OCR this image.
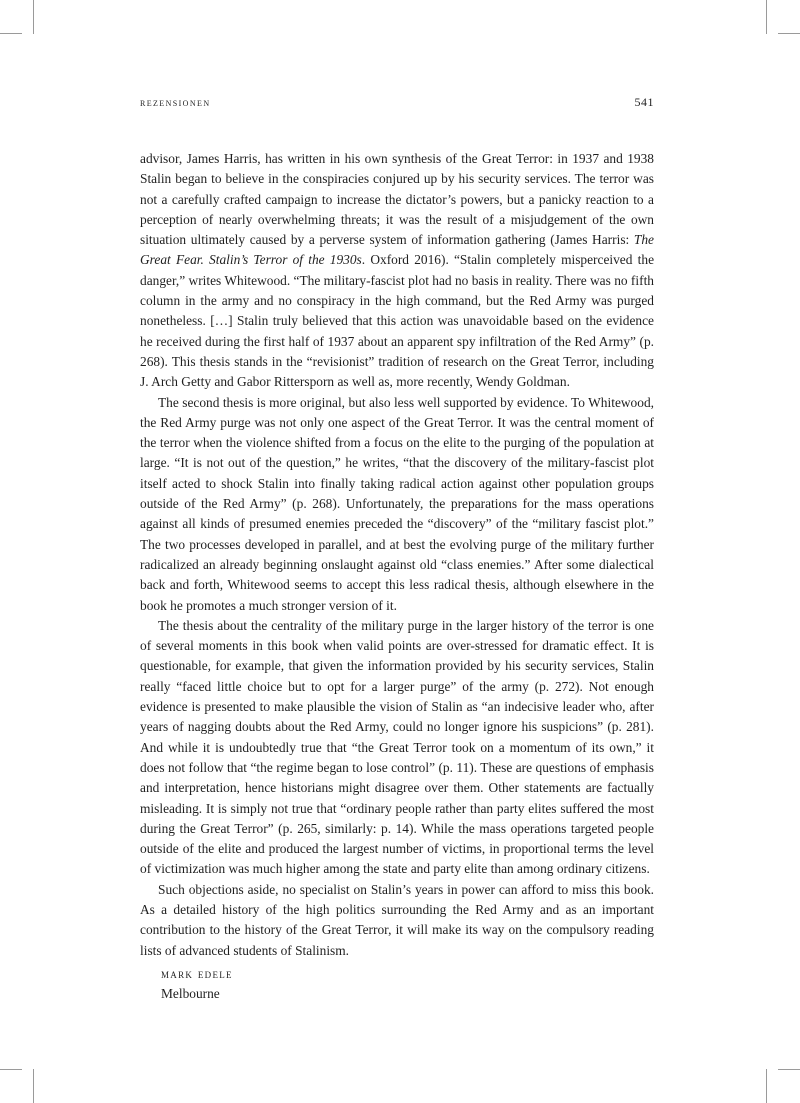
rezensionen	541

advisor, James Harris, has written in his own synthesis of the Great Terror: in 1937 and 1938 Stalin began to believe in the conspiracies conjured up by his security services. The terror was not a carefully crafted campaign to increase the dictator’s powers, but a panicky reaction to a perception of nearly overwhelming threats; it was the result of a misjudgement of the own situation ultimately caused by a perverse system of information gathering (James Harris: The Great Fear. Stalin’s Terror of the 1930s. Oxford 2016). “Stalin completely misperceived the danger,” writes Whitewood. “The military-fascist plot had no basis in reality. There was no fifth column in the army and no conspiracy in the high command, but the Red Army was purged nonetheless. […] Stalin truly believed that this action was unavoidable based on the evidence he received during the first half of 1937 about an apparent spy infiltration of the Red Army” (p. 268). This thesis stands in the “revisionist” tradition of research on the Great Terror, including J. Arch Getty and Gabor Rittersporn as well as, more recently, Wendy Goldman.

The second thesis is more original, but also less well supported by evidence. To Whitewood, the Red Army purge was not only one aspect of the Great Terror. It was the central moment of the terror when the violence shifted from a focus on the elite to the purging of the population at large. “It is not out of the question,” he writes, “that the discovery of the military-fascist plot itself acted to shock Stalin into finally taking radical action against other population groups outside of the Red Army” (p. 268). Unfortunately, the preparations for the mass operations against all kinds of presumed enemies preceded the “discovery” of the “military fascist plot.” The two processes developed in parallel, and at best the evolving purge of the military further radicalized an already beginning onslaught against old “class enemies.” After some dialectical back and forth, Whitewood seems to accept this less radical thesis, although elsewhere in the book he promotes a much stronger version of it.

The thesis about the centrality of the military purge in the larger history of the terror is one of several moments in this book when valid points are over-stressed for dramatic effect. It is questionable, for example, that given the information provided by his security services, Stalin really “faced little choice but to opt for a larger purge” of the army (p. 272). Not enough evidence is presented to make plausible the vision of Stalin as “an indecisive leader who, after years of nagging doubts about the Red Army, could no longer ignore his suspicions” (p. 281). And while it is undoubtedly true that “the Great Terror took on a momentum of its own,” it does not follow that “the regime began to lose control” (p. 11). These are questions of emphasis and interpretation, hence historians might disagree over them. Other statements are factually misleading. It is simply not true that “ordinary people rather than party elites suffered the most during the Great Terror” (p. 265, similarly: p. 14). While the mass operations targeted people outside of the elite and produced the largest number of victims, in proportional terms the level of victimization was much higher among the state and party elite than among ordinary citizens.

Such objections aside, no specialist on Stalin’s years in power can afford to miss this book. As a detailed history of the high politics surrounding the Red Army and as an important contribution to the history of the Great Terror, it will make its way on the compulsory reading lists of advanced students of Stalinism.

mark edele
Melbourne
